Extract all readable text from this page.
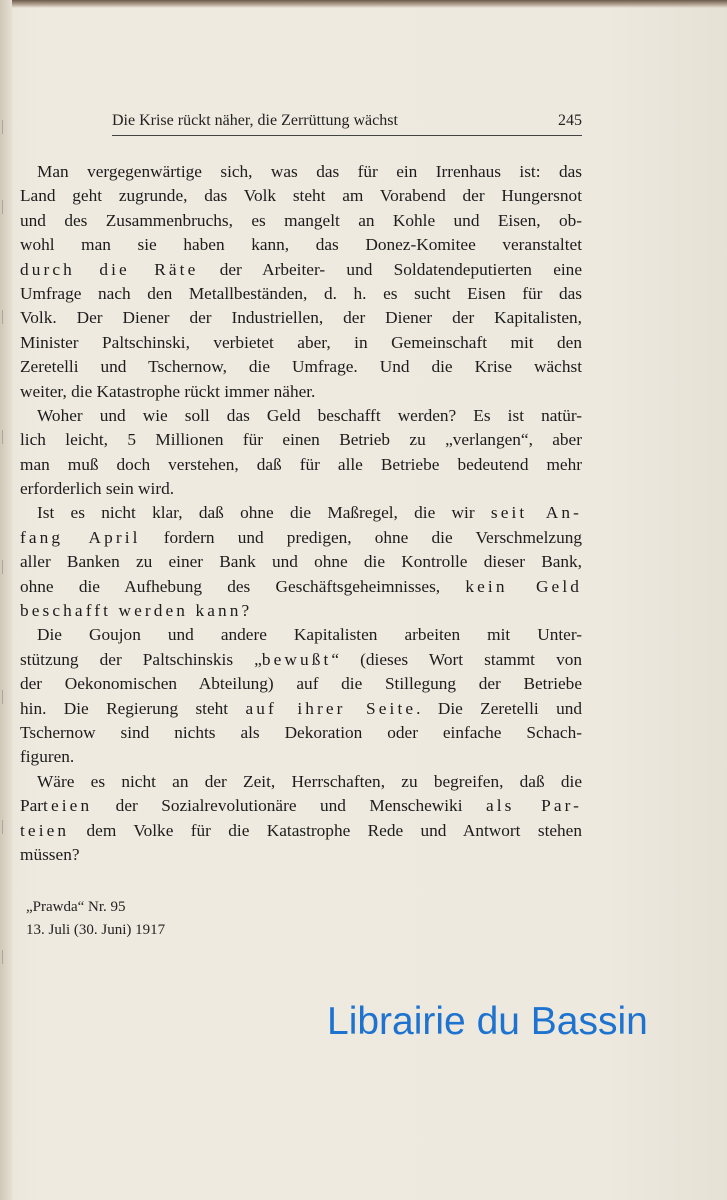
Die Krise rückt näher, die Zerrüttung wächst	245
Man vergegenwärtige sich, was das für ein Irrenhaus ist: das
Land geht zugrunde, das Volk steht am Vorabend der Hungersnot
und des Zusammenbruchs, es mangelt an Kohle und Eisen, ob-
wohl man sie haben kann, das Donez-Komitee veranstaltet
durch die Räte der Arbeiter- und Soldatendeputierten eine
Umfrage nach den Metallbeständen, d. h. es sucht Eisen für das
Volk. Der Diener der Industriellen, der Diener der Kapitalisten,
Minister Paltschinski, verbietet aber, in Gemeinschaft mit den
Zeretelli und Tschernow, die Umfrage. Und die Krise wächst
weiter, die Katastrophe rückt immer näher.
Woher und wie soll das Geld beschafft werden? Es ist natür-
lich leicht, 5 Millionen für einen Betrieb zu „verlangen“, aber
man muß doch verstehen, daß für alle Betriebe bedeutend mehr
erforderlich sein wird.
Ist es nicht klar, daß ohne die Maßregel, die wir seit An-
fang April fordern und predigen, ohne die Verschmelzung
aller Banken zu einer Bank und ohne die Kontrolle dieser Bank,
ohne die Aufhebung des Geschäftsgeheimnisses, kein Geld
beschafft werden kann?
Die Goujon und andere Kapitalisten arbeiten mit Unter-
stützung der Paltschinskis „bewußt“ (dieses Wort stammt von
der Oekonomischen Abteilung) auf die Stillegung der Betriebe
hin. Die Regierung steht auf ihrer Seite. Die Zeretelli und
Tschernow sind nichts als Dekoration oder einfache Schach-
figuren.
Wäre es nicht an der Zeit, Herrschaften, zu begreifen, daß die
Parteien der Sozialrevolutionäre und Menschewiki als Par-
teien dem Volke für die Katastrophe Rede und Antwort stehen
müssen?
„Prawda“ Nr. 95
13. Juli (30. Juni) 1917
Librairie du Bassin
